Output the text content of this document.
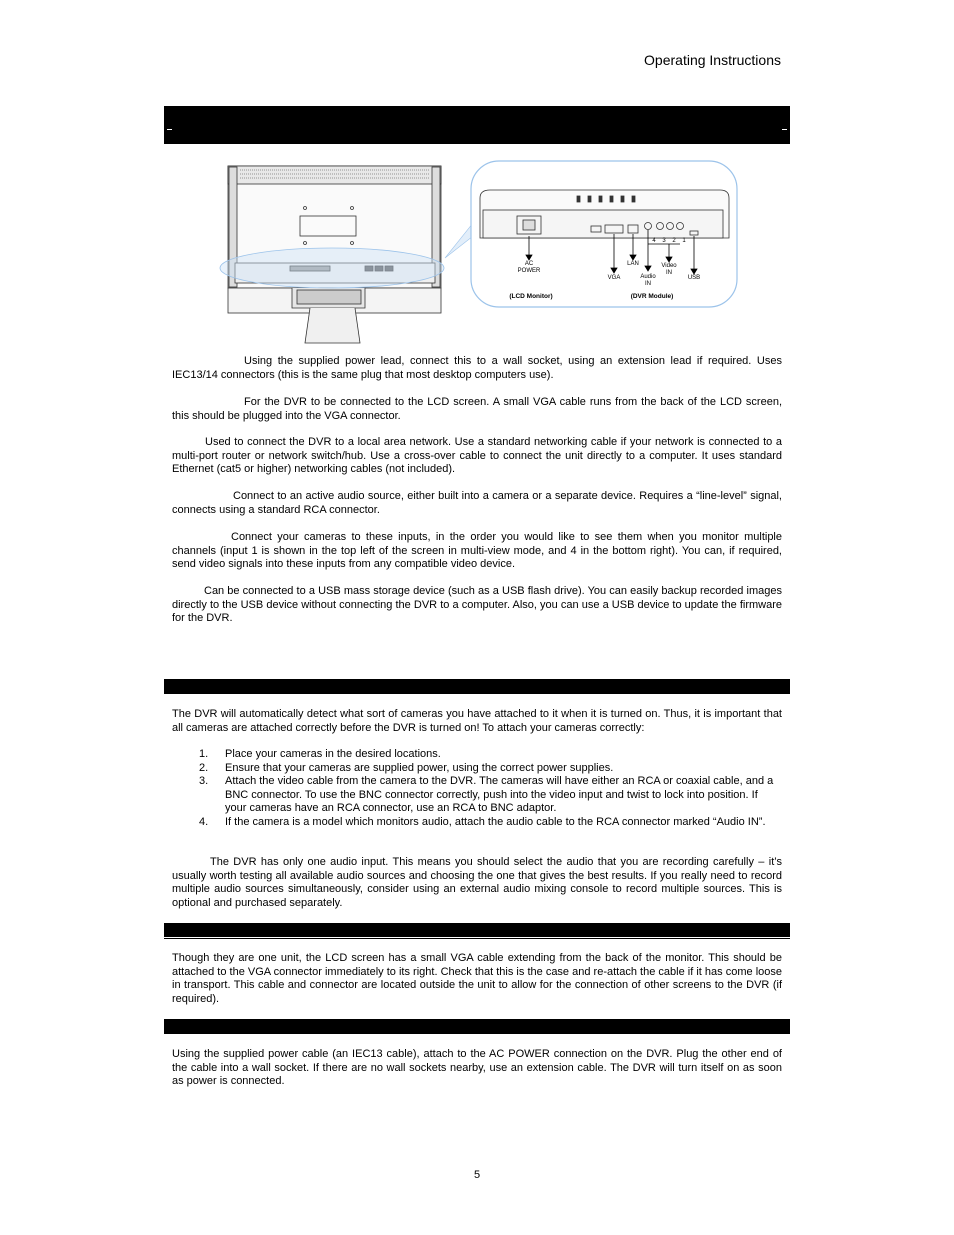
Operating Instructions
AC
POWER
VGA
LAN
Audio
IN
Video
IN
USB
4 3 2 1
(LCD Monitor)	(DVR Module)

Using the supplied power lead, connect this to a wall socket, using an extension lead if required. Uses IEC13/14 connectors (this is the same plug that most desktop computers use).

For the DVR to be connected to the LCD screen. A small VGA cable runs from the back of the LCD screen, this should be plugged into the VGA connector.

Used to connect the DVR to a local area network. Use a standard networking cable if your network is connected to a multi-port router or network switch/hub. Use a cross-over cable to connect the unit directly to a computer. It uses standard Ethernet (cat5 or higher) networking cables (not included).

Connect to an active audio source, either built into a camera or a separate device. Requires a “line-level” signal, connects using a standard RCA connector.

Connect your cameras to these inputs, in the order you would like to see them when you monitor multiple channels (input 1 is shown in the top left of the screen in multi-view mode, and 4 in the bottom right). You can, if required, send video signals into these inputs from any compatible video device.

Can be connected to a USB mass storage device (such as a USB flash drive). You can easily backup recorded images directly to the USB device without connecting the DVR to a computer. Also, you can use a USB device to update the firmware for the DVR.

The DVR will automatically detect what sort of cameras you have attached to it when it is turned on. Thus, it is important that all cameras are attached correctly before the DVR is turned on! To attach your cameras correctly:

1. Place your cameras in the desired locations.
2. Ensure that your cameras are supplied power, using the correct power supplies.
3. Attach the video cable from the camera to the DVR. The cameras will have either an RCA or coaxial cable, and a BNC connector. To use the BNC connector correctly, push into the video input and twist to lock into position. If your cameras have an RCA connector, use an RCA to BNC adaptor.
4. If the camera is a model which monitors audio, attach the audio cable to the RCA connector marked “Audio IN”.

The DVR has only one audio input. This means you should select the audio that you are recording carefully – it’s usually worth testing all available audio sources and choosing the one that gives the best results. If you really need to record multiple audio sources simultaneously, consider using an external audio mixing console to record multiple sources. This is optional and purchased separately.

Though they are one unit, the LCD screen has a small VGA cable extending from the back of the monitor. This should be attached to the VGA connector immediately to its right. Check that this is the case and re-attach the cable if it has come loose in transport. This cable and connector are located outside the unit to allow for the connection of other screens to the DVR (if required).

Using the supplied power cable (an IEC13 cable), attach to the AC POWER connection on the DVR. Plug the other end of the cable into a wall socket. If there are no wall sockets nearby, use an extension cable. The DVR will turn itself on as soon as power is connected.

5
